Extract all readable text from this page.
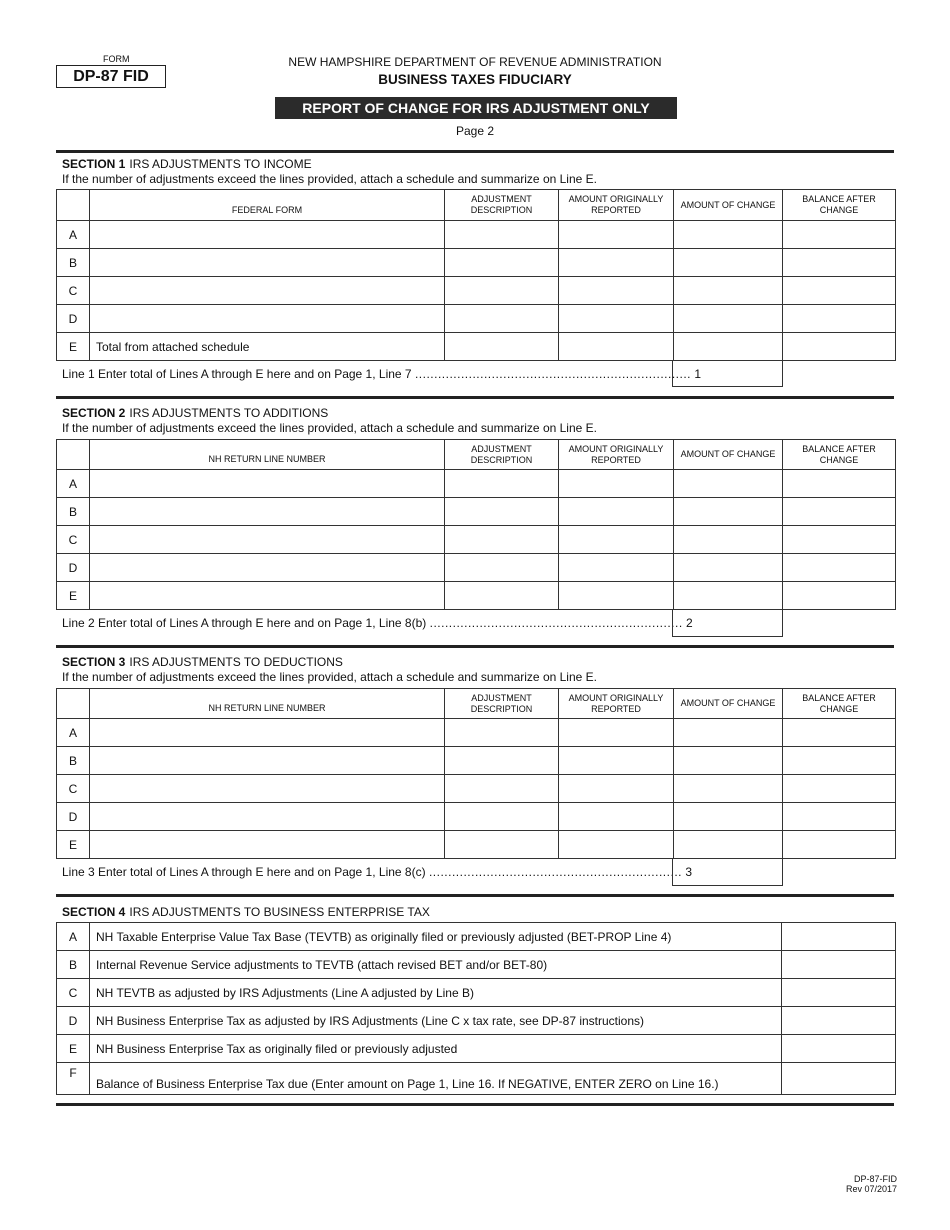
FORM
DP-87 FID
NEW HAMPSHIRE DEPARTMENT OF REVENUE ADMINISTRATION
BUSINESS TAXES FIDUCIARY
REPORT OF CHANGE FOR IRS ADJUSTMENT ONLY
Page 2
SECTION 1 IRS ADJUSTMENTS TO INCOME
If the number of adjustments exceed the lines provided, attach a schedule and summarize on Line E.
	FEDERAL FORM	ADJUSTMENT DESCRIPTION	AMOUNT ORIGINALLY REPORTED	AMOUNT OF CHANGE	BALANCE AFTER CHANGE
A					
B					
C					
D					
E	Total from attached schedule				
Line 1 Enter total of Lines A through E here and on Page 1, Line 7 ........................................................................ 1
SECTION 2 IRS ADJUSTMENTS TO ADDITIONS
If the number of adjustments exceed the lines provided, attach a schedule and summarize on Line E.
	NH RETURN LINE NUMBER	ADJUSTMENT DESCRIPTION	AMOUNT ORIGINALLY REPORTED	AMOUNT OF CHANGE	BALANCE AFTER CHANGE
A					
B					
C					
D					
E					
Line 2 Enter total of Lines A through E here and on Page 1, Line 8(b) .................................................................. 2
SECTION 3 IRS ADJUSTMENTS TO DEDUCTIONS
If the number of adjustments exceed the lines provided, attach a schedule and summarize on Line E.
	NH RETURN LINE NUMBER	ADJUSTMENT DESCRIPTION	AMOUNT ORIGINALLY REPORTED	AMOUNT OF CHANGE	BALANCE AFTER CHANGE
A					
B					
C					
D					
E					
Line 3 Enter total of Lines A through E here and on Page 1, Line 8(c) .................................................................. 3
SECTION 4 IRS ADJUSTMENTS TO BUSINESS ENTERPRISE TAX
A	NH Taxable Enterprise Value Tax Base (TEVTB) as originally filed or previously adjusted (BET-PROP Line 4)	
B	Internal Revenue Service adjustments to TEVTB (attach revised BET and/or BET-80)	
C	NH TEVTB as adjusted by IRS Adjustments (Line A adjusted by Line B)	
D	NH Business Enterprise Tax as adjusted by IRS Adjustments (Line C x tax rate, see DP-87 instructions)	
E	NH Business Enterprise Tax as originally filed or previously adjusted	
F	Balance of Business Enterprise Tax due (Enter amount on Page 1, Line 16. If NEGATIVE, ENTER ZERO on Line 16.)	
DP-87-FID
Rev 07/2017
